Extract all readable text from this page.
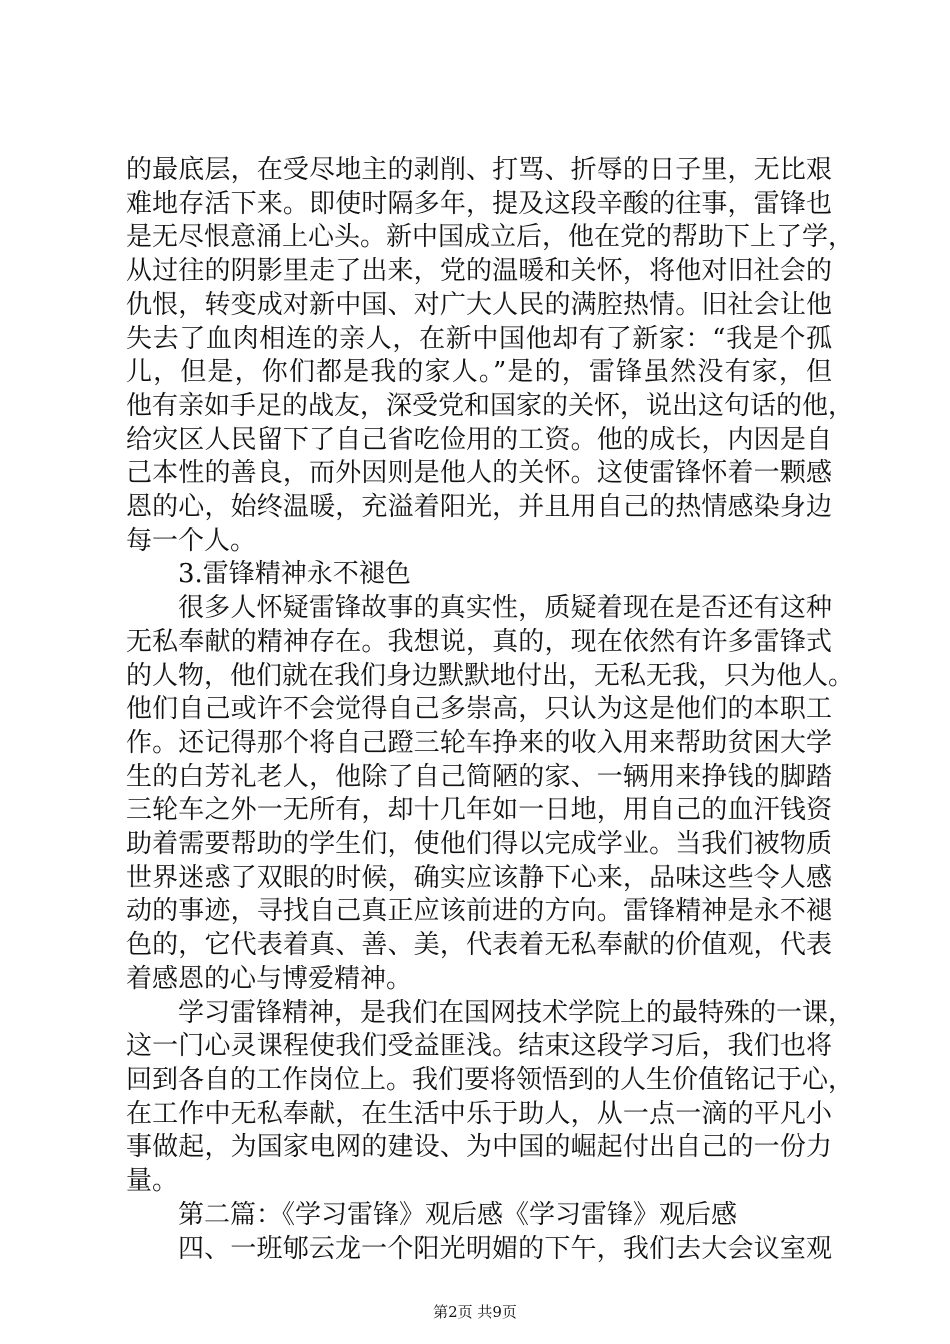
的最底层，在受尽地主的剥削、打骂、折辱的日子里，无比艰
难地存活下来。即使时隔多年，提及这段辛酸的往事，雷锋也
是无尽恨意涌上心头。新中国成立后，他在党的帮助下上了学，
从过往的阴影里走了出来，党的温暖和关怀，将他对旧社会的
仇恨，转变成对新中国、对广大人民的满腔热情。旧社会让他
失去了血肉相连的亲人，在新中国他却有了新家：“我是个孤
儿，但是，你们都是我的家人。”是的，雷锋虽然没有家，但
他有亲如手足的战友，深受党和国家的关怀，说出这句话的他，
给灾区人民留下了自己省吃俭用的工资。他的成长，内因是自
己本性的善良，而外因则是他人的关怀。这使雷锋怀着一颗感
恩的心，始终温暖，充溢着阳光，并且用自己的热情感染身边
每一个人。
3.雷锋精神永不褪色
很多人怀疑雷锋故事的真实性，质疑着现在是否还有这种
无私奉献的精神存在。我想说，真的，现在依然有许多雷锋式
的人物，他们就在我们身边默默地付出，无私无我，只为他人。
他们自己或许不会觉得自己多崇高，只认为这是他们的本职工
作。还记得那个将自己蹬三轮车挣来的收入用来帮助贫困大学
生的白芳礼老人，他除了自己简陋的家、一辆用来挣钱的脚踏
三轮车之外一无所有，却十几年如一日地，用自己的血汗钱资
助着需要帮助的学生们，使他们得以完成学业。当我们被物质
世界迷惑了双眼的时候，确实应该静下心来，品味这些令人感
动的事迹，寻找自己真正应该前进的方向。雷锋精神是永不褪
色的，它代表着真、善、美，代表着无私奉献的价值观，代表
着感恩的心与博爱精神。
学习雷锋精神，是我们在国网技术学院上的最特殊的一课，
这一门心灵课程使我们受益匪浅。结束这段学习后，我们也将
回到各自的工作岗位上。我们要将领悟到的人生价值铭记于心，
在工作中无私奉献，在生活中乐于助人，从一点一滴的平凡小
事做起，为国家电网的建设、为中国的崛起付出自己的一份力
量。
第二篇：《学习雷锋》观后感《学习雷锋》观后感
四、一班郇云龙一个阳光明媚的下午，我们去大会议室观
第2页 共9页
